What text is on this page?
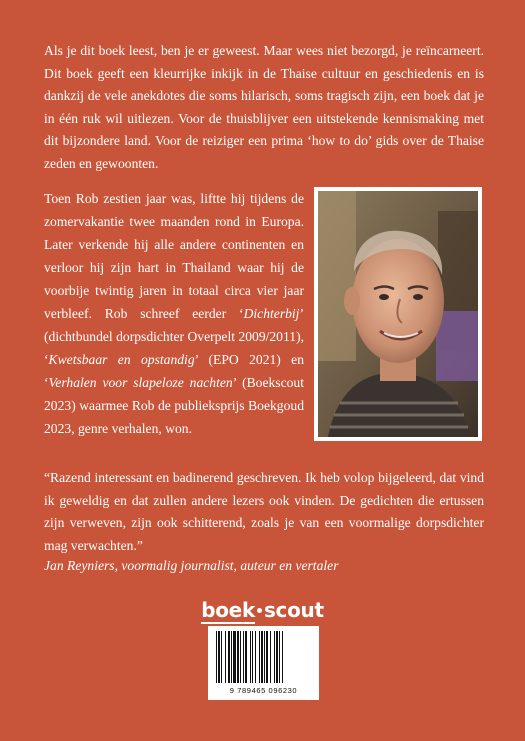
Als je dit boek leest, ben je er geweest. Maar wees niet bezorgd, je reïncarneert. Dit boek geeft een kleurrijke inkijk in de Thaise cultuur en geschiedenis en is dankzij de vele anekdotes die soms hilarisch, soms tragisch zijn, een boek dat je in één ruk wil uitlezen. Voor de thuisblijver een uitstekende kennismaking met dit bijzondere land. Voor de reiziger een prima ‘how to do’ gids over de Thaise zeden en gewoonten.

Toen Rob zestien jaar was, liftte hij tijdens de zomervakantie twee maanden rond in Europa. Later verkende hij alle andere continenten en verloor hij zijn hart in Thailand waar hij de voorbije twintig jaren in totaal circa vier jaar verbleef. Rob schreef eerder ‘Dichterbij’ (dichtbundel dorpsdichter Overpelt 2009/2011), ‘Kwetsbaar en opstandig’ (EPO 2021) en ‘Verhalen voor slapeloze nachten’ (Boekscout 2023) waarmee Rob de publieksprijs Boekgoud 2023, genre verhalen, won.

“Razend interessant en badinerend geschreven. Ik heb volop bijgeleerd, dat vind ik geweldig en dat zullen andere lezers ook vinden. De gedichten die ertussen zijn verweven, zijn ook schitterend, zoals je van een voormalige dorpsdichter mag verwachten.”

Jan Reyniers, voormalig journalist, auteur en vertaler
boek scout
9 789465 096230
